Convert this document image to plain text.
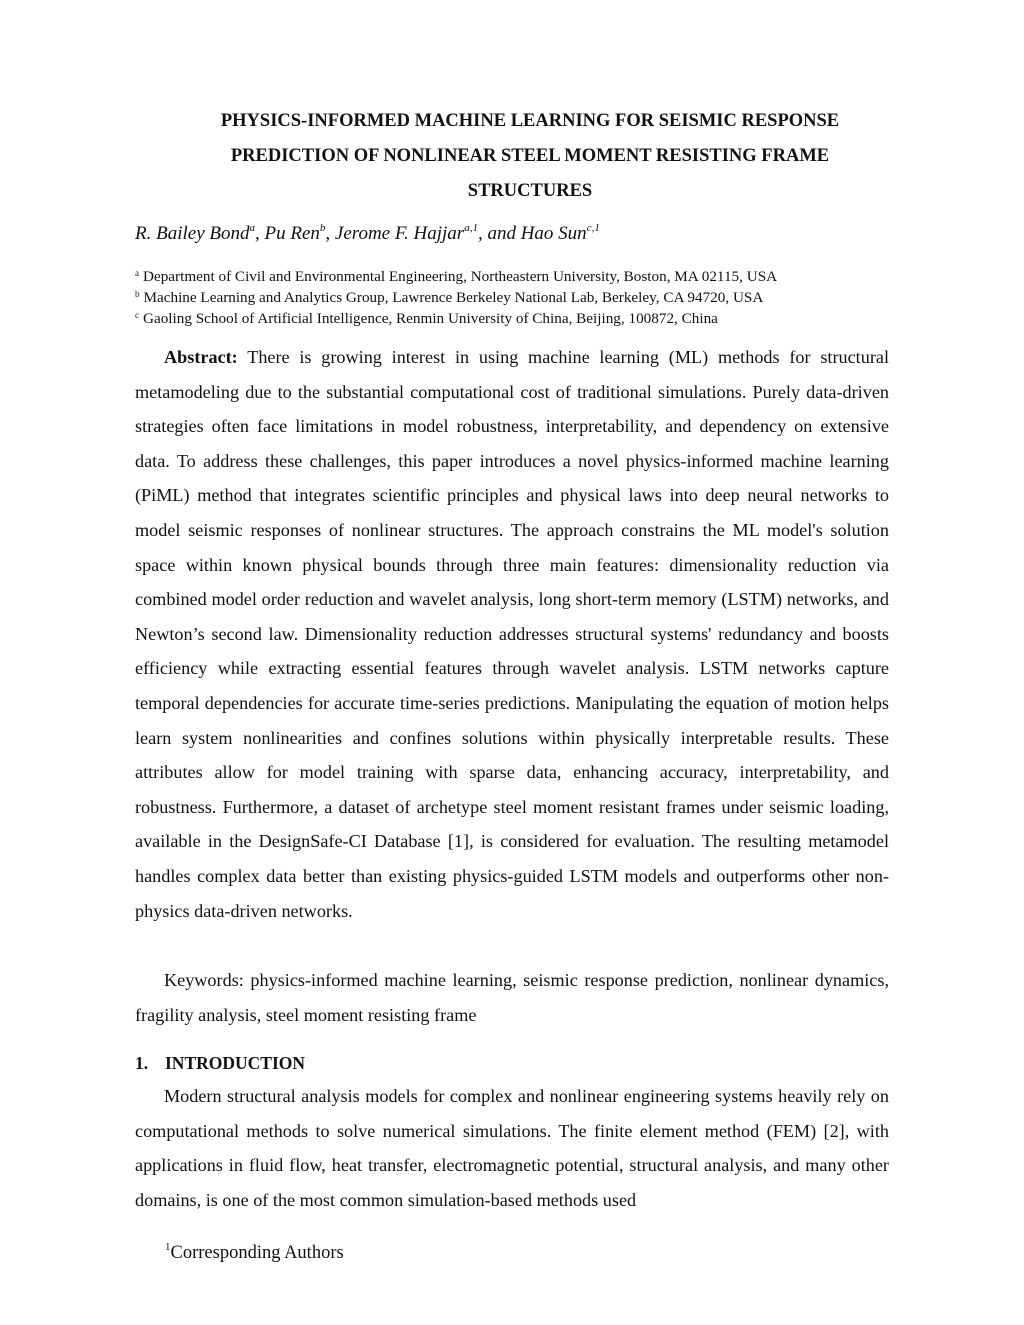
PHYSICS-INFORMED MACHINE LEARNING FOR SEISMIC RESPONSE
PREDICTION OF NONLINEAR STEEL MOMENT RESISTING FRAME
STRUCTURES
R. Bailey Bond$^a$, Pu Ren$^b$, Jerome F. Hajjar$^{a,1}$, and Hao Sun$^{c,1}$
$^a$ Department of Civil and Environmental Engineering, Northeastern University, Boston, MA 02115, USA
$^b$ Machine Learning and Analytics Group, Lawrence Berkeley National Lab, Berkeley, CA 94720, USA
$^c$ Gaoling School of Artificial Intelligence, Renmin University of China, Beijing, 100872, China

Abstract: There is growing interest in using machine learning (ML) methods for structural metamodeling due to the substantial computational cost of traditional simulations. Purely data-driven strategies often face limitations in model robustness, interpretability, and dependency on extensive data. To address these challenges, this paper introduces a novel physics-informed machine learning (PiML) method that integrates scientific principles and physical laws into deep neural networks to model seismic responses of nonlinear structures. The approach constrains the ML model's solution space within known physical bounds through three main features: dimensionality reduction via combined model order reduction and wavelet analysis, long short-term memory (LSTM) networks, and Newton’s second law. Dimensionality reduction addresses structural systems' redundancy and boosts efficiency while extracting essential features through wavelet analysis. LSTM networks capture temporal dependencies for accurate time-series predictions. Manipulating the equation of motion helps learn system nonlinearities and confines solutions within physically interpretable results. These attributes allow for model training with sparse data, enhancing accuracy, interpretability, and robustness. Furthermore, a dataset of archetype steel moment resistant frames under seismic loading, available in the DesignSafe-CI Database [1], is considered for evaluation. The resulting metamodel handles complex data better than existing physics-guided LSTM models and outperforms other non-physics data-driven networks.

Keywords: physics-informed machine learning, seismic response prediction, nonlinear dynamics, fragility analysis, steel moment resisting frame

1. INTRODUCTION

Modern structural analysis models for complex and nonlinear engineering systems heavily rely on computational methods to solve numerical simulations. The finite element method (FEM) [2], with applications in fluid flow, heat transfer, electromagnetic potential, structural analysis, and many other domains, is one of the most common simulation-based methods used

$^1$Corresponding Authors
